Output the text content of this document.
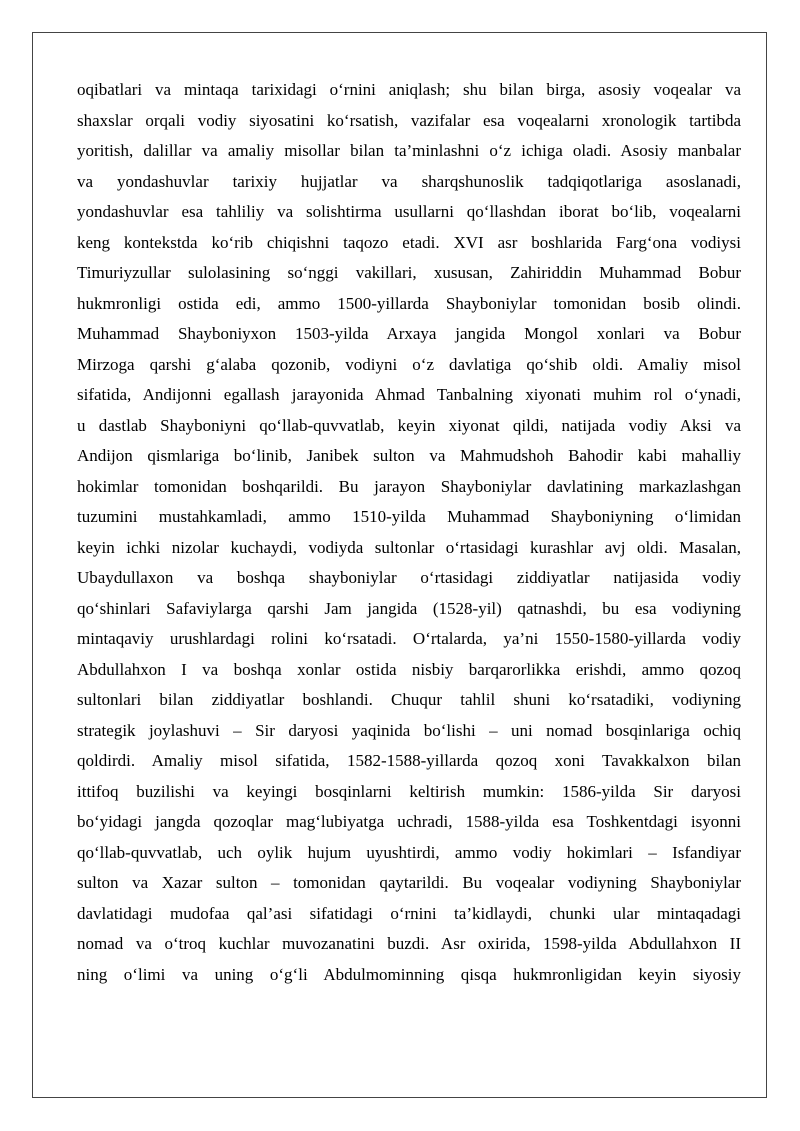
oqibatlari va mintaqa tarixidagi o‘rnini aniqlash; shu bilan birga, asosiy voqealar va
shaxslar orqali vodiy siyosatini ko‘rsatish, vazifalar esa voqealarni xronologik tartibda
yoritish, dalillar va amaliy misollar bilan ta’minlashni o‘z ichiga oladi. Asosiy manbalar
va yondashuvlar tarixiy hujjatlar va sharqshunoslik tadqiqotlariga asoslanadi,
yondashuvlar esa tahliliy va solishtirma usullarni qo‘llashdan iborat bo‘lib, voqealarni
keng kontekstda ko‘rib chiqishni taqozo etadi. XVI asr boshlarida Farg‘ona vodiysi
Timuriyzullar sulolasining so‘nggi vakillari, xususan, Zahiriddin Muhammad Bobur
hukmronligi ostida edi, ammo 1500-yillarda Shayboniylar tomonidan bosib olindi.
Muhammad Shayboniyxon 1503-yilda Arxaya jangida Mongol xonlari va Bobur
Mirzoga qarshi g‘alaba qozonib, vodiyni o‘z davlatiga qo‘shib oldi. Amaliy misol
sifatida, Andijonni egallash jarayonida Ahmad Tanbalning xiyonati muhim rol o‘ynadi,
u dastlab Shayboniyni qo‘llab-quvvatlab, keyin xiyonat qildi, natijada vodiy Aksi va
Andijon qismlariga bo‘linib, Janibek sulton va Mahmudshoh Bahodir kabi mahalliy
hokimlar tomonidan boshqarildi. Bu jarayon Shayboniylar davlatining markazlashgan
tuzumini mustahkamladi, ammo 1510-yilda Muhammad Shayboniyning o‘limidan
keyin ichki nizolar kuchaydi, vodiyda sultonlar o‘rtasidagi kurashlar avj oldi. Masalan,
Ubaydullaxon va boshqa shayboniylar o‘rtasidagi ziddiyatlar natijasida vodiy
qo‘shinlari Safaviylarga qarshi Jam jangida (1528-yil) qatnashdi, bu esa vodiyning
mintaqaviy urushlardagi rolini ko‘rsatadi. O‘rtalarda, ya’ni 1550-1580-yillarda vodiy
Abdullahxon I va boshqa xonlar ostida nisbiy barqarorlikka erishdi, ammo qozoq
sultonlari bilan ziddiyatlar boshlandi. Chuqur tahlil shuni ko‘rsatadiki, vodiyning
strategik joylashuvi – Sir daryosi yaqinida bo‘lishi – uni nomad bosqinlariga ochiq
qoldirdi. Amaliy misol sifatida, 1582-1588-yillarda qozoq xoni Tavakkalxon bilan
ittifoq buzilishi va keyingi bosqinlarni keltirish mumkin: 1586-yilda Sir daryosi
bo‘yidagi jangda qozoqlar mag‘lubiyatga uchradi, 1588-yilda esa Toshkentdagi isyonni
qo‘llab-quvvatlab, uch oylik hujum uyushtirdi, ammo vodiy hokimlari – Isfandiyar
sulton va Xazar sulton – tomonidan qaytarildi. Bu voqealar vodiyning Shayboniylar
davlatidagi mudofaa qal’asi sifatidagi o‘rnini ta’kidlaydi, chunki ular mintaqadagi
nomad va o‘troq kuchlar muvozanatini buzdi. Asr oxirida, 1598-yilda Abdullahxon II
ning o‘limi va uning o‘g‘li Abdulmominning qisqa hukmronligidan keyin siyosiy
